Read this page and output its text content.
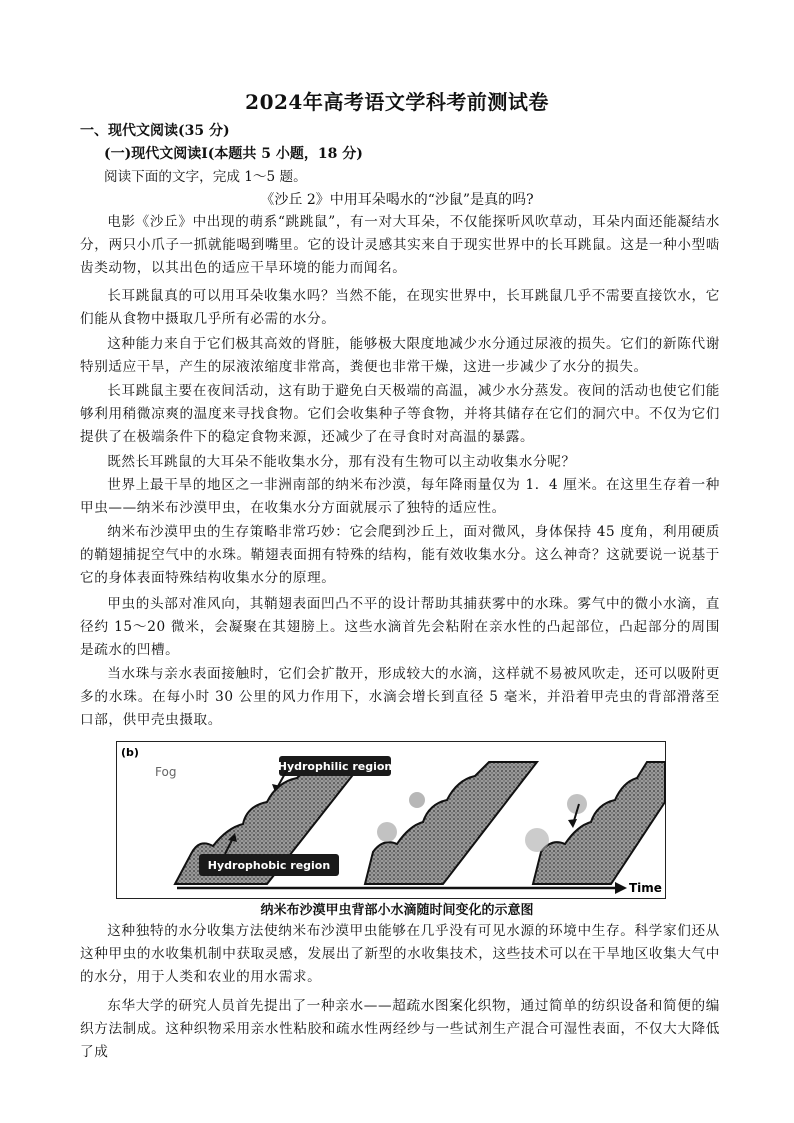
2024年高考语文学科考前测试卷
一、现代文阅读(35 分)
(一)现代文阅读Ⅰ(本题共 5 小题，18 分)
阅读下面的文字，完成 1～5 题。
《沙丘 2》中用耳朵喝水的“沙鼠”是真的吗?
电影《沙丘》中出现的萌系“跳跳鼠”，有一对大耳朵，不仅能探听风吹草动，耳朵内面还能凝结水分，两只小爪子一抓就能喝到嘴里。它的设计灵感其实来自于现实世界中的长耳跳鼠。这是一种小型啮齿类动物，以其出色的适应干旱环境的能力而闻名。
长耳跳鼠真的可以用耳朵收集水吗？当然不能，在现实世界中，长耳跳鼠几乎不需要直接饮水，它们能从食物中摄取几乎所有必需的水分。
这种能力来自于它们极其高效的肾脏，能够极大限度地减少水分通过尿液的损失。它们的新陈代谢特别适应干旱，产生的尿液浓缩度非常高，粪便也非常干燥，这进一步减少了水分的损失。
长耳跳鼠主要在夜间活动，这有助于避免白天极端的高温，减少水分蒸发。夜间的活动也使它们能够利用稍微凉爽的温度来寻找食物。它们会收集种子等食物，并将其储存在它们的洞穴中。不仅为它们提供了在极端条件下的稳定食物来源，还减少了在寻食时对高温的暴露。
既然长耳跳鼠的大耳朵不能收集水分，那有没有生物可以主动收集水分呢？
世界上最干旱的地区之一非洲南部的纳米布沙漠，每年降雨量仅为 1．4 厘米。在这里生存着一种甲虫——纳米布沙漠甲虫，在收集水分方面就展示了独特的适应性。
纳米布沙漠甲虫的生存策略非常巧妙：它会爬到沙丘上，面对微风，身体保持 45 度角，利用硬质的鞘翅捕捉空气中的水珠。鞘翅表面拥有特殊的结构，能有效收集水分。这么神奇？这就要说一说基于它的身体表面特殊结构收集水分的原理。
甲虫的头部对准风向，其鞘翅表面凹凸不平的设计帮助其捕获雾中的水珠。雾气中的微小水滴，直径约 15～20 微米，会凝聚在其翅膀上。这些水滴首先会粘附在亲水性的凸起部位，凸起部分的周围是疏水的凹槽。
当水珠与亲水表面接触时，它们会扩散开，形成较大的水滴，这样就不易被风吹走，还可以吸附更多的水珠。在每小时 30 公里的风力作用下，水滴会增长到直径 5 毫米，并沿着甲壳虫的背部滑落至口部，供甲壳虫摄取。
(b)
Fog	Hydrophilic region
Hydrophobic region
Time
纳米布沙漠甲虫背部小水滴随时间变化的示意图
这种独特的水分收集方法使纳米布沙漠甲虫能够在几乎没有可见水源的环境中生存。科学家们还从这种甲虫的水收集机制中获取灵感，发展出了新型的水收集技术，这些技术可以在干旱地区收集大气中的水分，用于人类和农业的用水需求。
东华大学的研究人员首先提出了一种亲水——超疏水图案化织物，通过简单的纺织设备和简便的编织方法制成。这种织物采用亲水性粘胶和疏水性两经纱与一些试剂生产混合可湿性表面，不仅大大降低了成
